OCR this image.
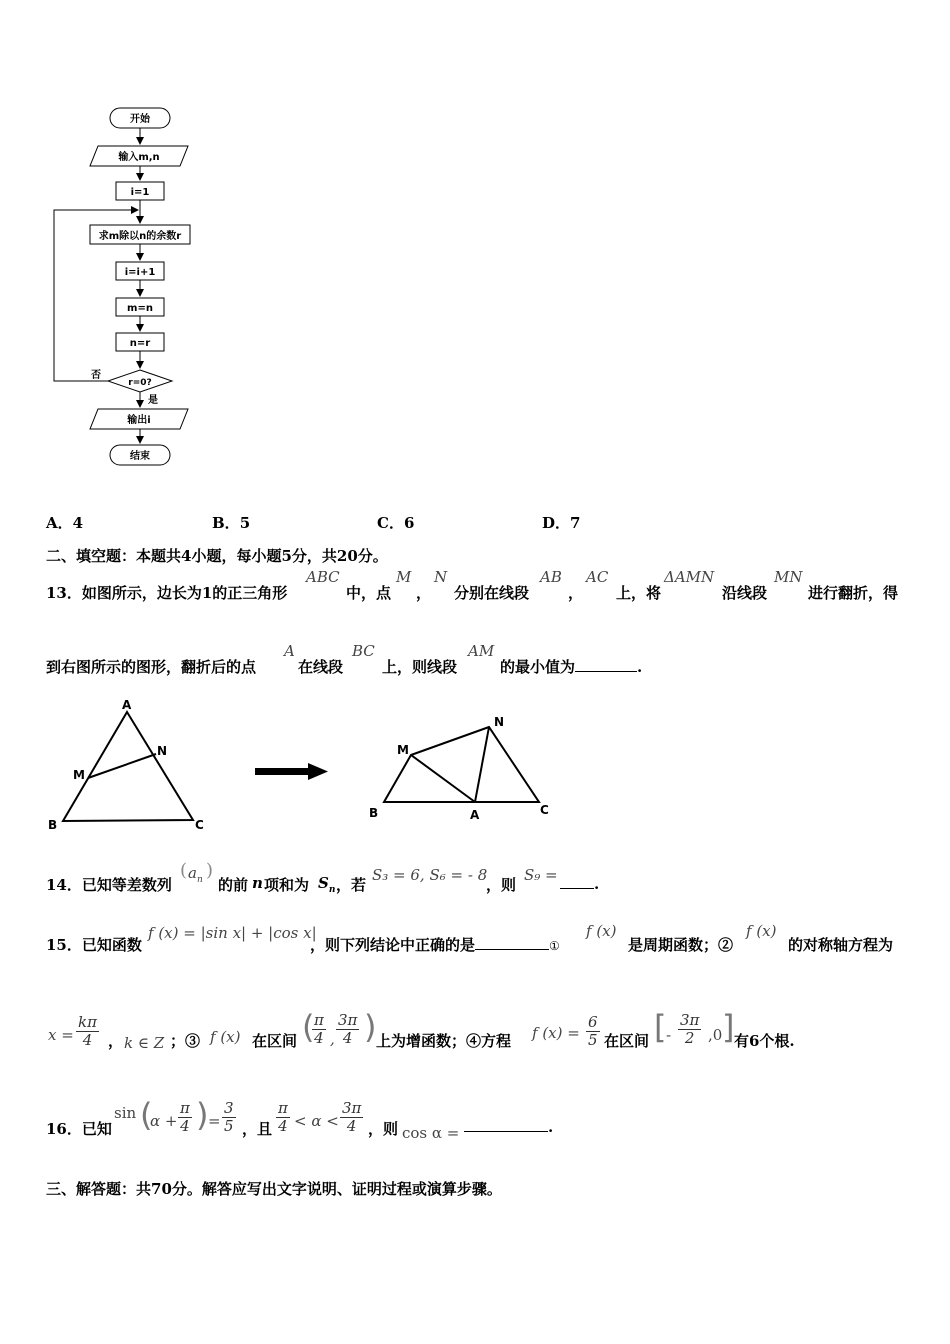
开始
输入m,n
i=1
求m除以n的余数r
i=i+1
m=n
n=r
r=0?
否
是
输出i
结束
A．4	B．5	C．6	D．7
二、填空题：本题共4小题，每小题5分，共20分。
13．如图所示，边长为1的正三角形
ABC
中，点
M
，
N
分别在线段
AB
，
AC
上，将
ΔAMN
沿线段
MN
进行翻折，得
到右图所示的图形，翻折后的点
A
在线段
BC
上，则线段
AM
的最小值为	.
A
N
M
B	C
N
M
B	A	C
14．已知等差数列
( $a_n$ )
的前 n 项和为 $S_n$ ，若
S₃ = 6, S₆ = - 8
，则
S₉ =	.
15．已知函数
f (x) = |sin x| + |cos x|
，则下列结论中正确的是	①
f (x)
是周期函数；②
f (x)
的对称轴方程为
$x = \frac{k\pi}{4}$ ， k ∈ Z ；③ f (x) 在区间 (
$\frac{\pi}{4}$ , $\frac{3\pi}{4}$ ) 上为增函数；④方程 f $(x) = \frac{6}{5}$ 在区间 [ - $\frac{3\pi}{2} ,0$ ] 有6个根.
16．已知
sin (
$\alpha + \frac{\pi}{4}$ ) = $\frac{3}{5}$ ，且 $\frac{\pi}{4} < \alpha < \frac{3\pi}{4}$ ，则 cos α =	.
三、解答题：共70分。解答应写出文字说明、证明过程或演算步骤。
